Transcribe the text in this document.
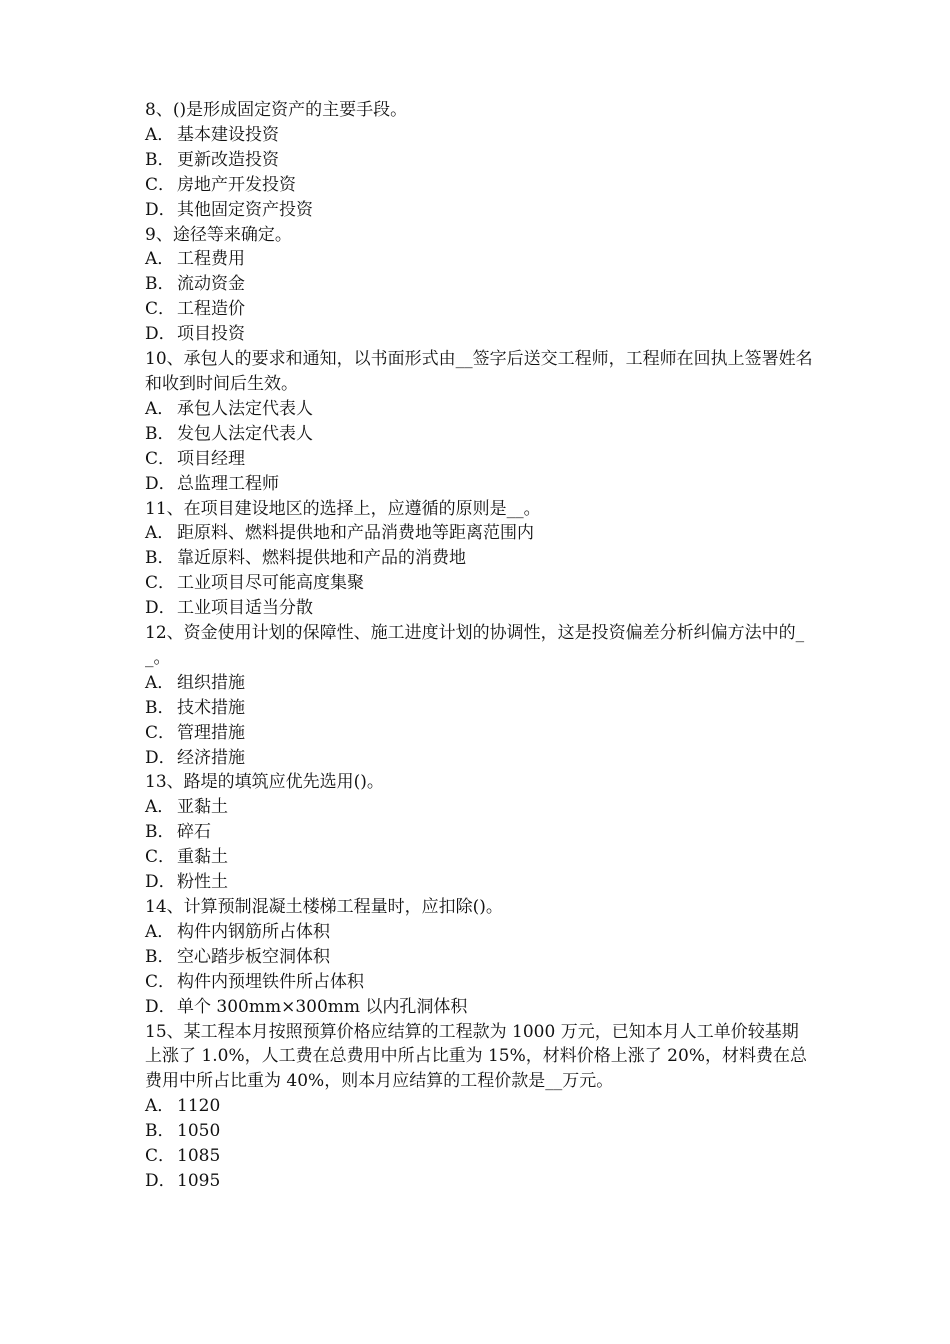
8、()是形成固定资产的主要手段。

A． 基本建设投资

B． 更新改造投资

C． 房地产开发投资

D．其他固定资产投资

9、途径等来确定。

A． 工程费用

B． 流动资金

C． 工程造价

D．项目投资

10、承包人的要求和通知，以书面形式由__签字后送交工程师，工程师在回执上签署姓名和收到时间后生效。

A． 承包人法定代表人

B． 发包人法定代表人

C． 项目经理

D．总监理工程师

11、在项目建设地区的选择上，应遵循的原则是__。

A． 距原料、燃料提供地和产品消费地等距离范围内

B． 靠近原料、燃料提供地和产品的消费地

C． 工业项目尽可能高度集聚

D．工业项目适当分散

12、资金使用计划的保障性、施工进度计划的协调性，这是投资偏差分析纠偏方法中的__。

A． 组织措施

B． 技术措施

C． 管理措施

D．经济措施

13、路堤的填筑应优先选用()。

A． 亚黏土

B． 碎石

C． 重黏土

D．粉性土

14、计算预制混凝土楼梯工程量时，应扣除()。

A． 构件内钢筋所占体积

B． 空心踏步板空洞体积

C． 构件内预埋铁件所占体积

D．单个 300mm×300mm 以内孔洞体积

15、某工程本月按照预算价格应结算的工程款为 1000 万元，已知本月人工单价较基期上涨了 1.0%，人工费在总费用中所占比重为 15%，材料价格上涨了 20%，材料费在总费用中所占比重为 40%，则本月应结算的工程价款是__万元。

A． 1120

B． 1050

C． 1085

D．1095
